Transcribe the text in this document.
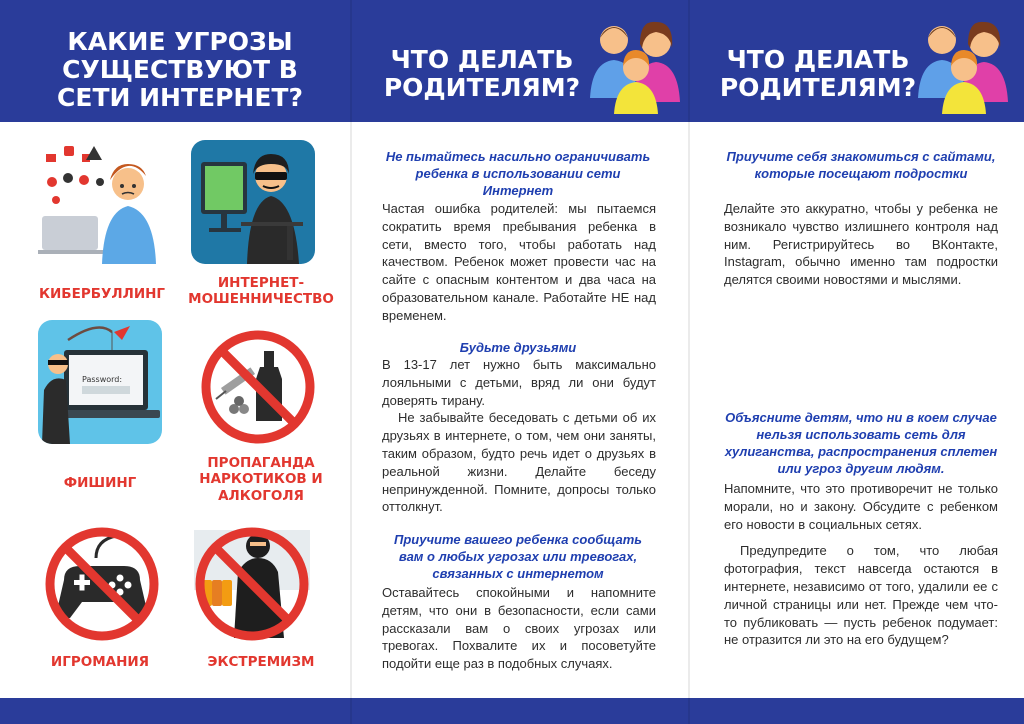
КАКИЕ УГРОЗЫ СУЩЕСТВУЮТ В СЕТИ ИНТЕРНЕТ?
ЧТО ДЕЛАТЬ РОДИТЕЛЯМ?
ЧТО ДЕЛАТЬ РОДИТЕЛЯМ?
КИБЕРБУЛЛИНГ
ИНТЕРНЕТ-МОШЕННИЧЕСТВО
Password:
ФИШИНГ
ПРОПАГАНДА НАРКОТИКОВ И АЛКОГОЛЯ
ИГРОМАНИЯ	ЭКСТРЕМИЗМ
Не пытайтесь насильно ограничивать ребенка в использовании сети Интернет

Частая ошибка родителей: мы пытаемся сократить время пребывания ребенка в сети, вместо того, чтобы работать над качеством. Ребенок может провести час на сайте с опасным контентом и два часа на образовательном канале. Работайте НЕ над временем.

Будьте друзьями

В 13-17 лет нужно быть максимально лояльными с детьми, вряд ли они будут доверять тирану.

Не забывайте беседовать с детьми об их друзьях в интернете, о том, чем они заняты, таким образом, будто речь идет о друзьях в реальной жизни. Делайте беседу непринужденной. Помните, допросы только оттолкнут.

Приучите вашего ребенка сообщать вам о любых угрозах или тревогах, связанных с интернетом

Оставайтесь спокойными и напомните детям, что они в безопасности, если сами рассказали вам о своих угрозах или тревогах. Похвалите их и посоветуйте подойти еще раз в подобных случаях.

Приучите себя знакомиться с сайтами, которые посещают подростки

Делайте это аккуратно, чтобы у ребенка не возникало чувство излишнего контроля над ним. Регистрируйтесь во ВКонтакте, Instagram, обычно именно там подростки делятся своими новостями и мыслями.

Объясните детям, что ни в коем случае нельзя использовать сеть для хулиганства, распространения сплетен или угроз другим людям.

Напомните, что это противоречит не только морали, но и закону. Обсудите с ребенком его новости в социальных сетях.

Предупредите о том, что любая фотография, текст навсегда остаются в интернете, независимо от того, удалили ее с личной страницы или нет. Прежде чем что-то публиковать — пусть ребенок подумает: не отразится ли это на его будущем?
